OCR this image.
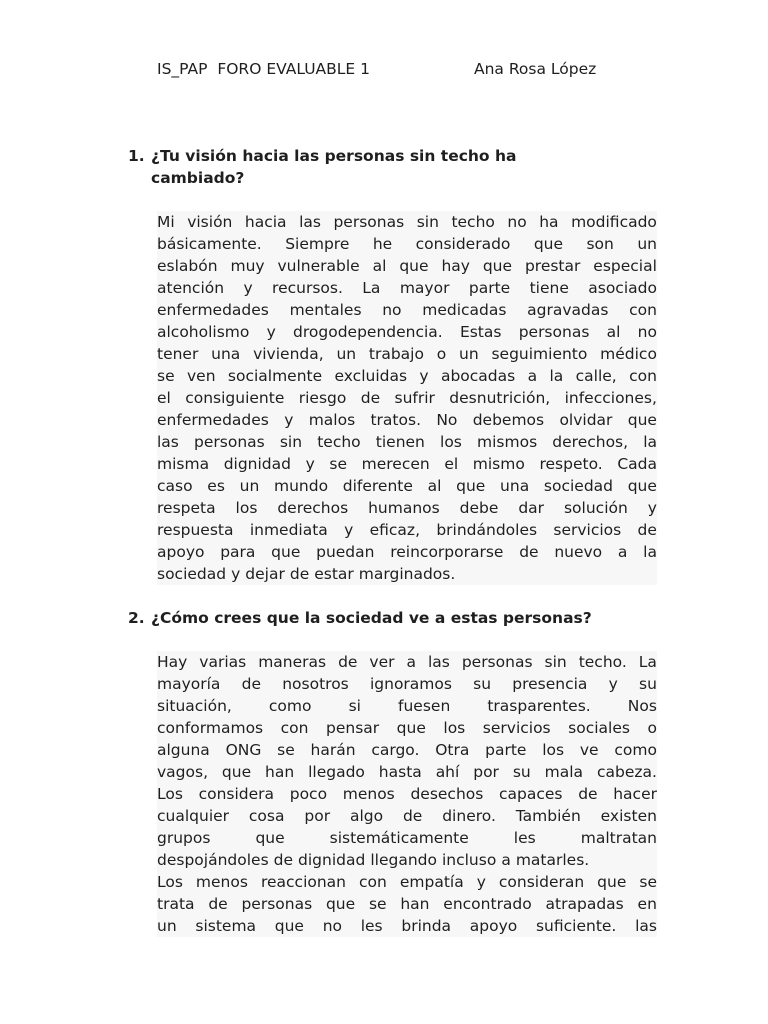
IS_PAP  FORO EVALUABLE 1	Ana Rosa López
1. ¿Tu visión hacia las personas sin techo ha
cambiado?
Mi visión hacia las personas sin techo no ha modificado
básicamente. Siempre he considerado que son un
eslabón muy vulnerable al que hay que prestar especial
atención y recursos. La mayor parte tiene asociado
enfermedades mentales no medicadas agravadas con
alcoholismo y drogodependencia. Estas personas al no
tener una vivienda, un trabajo o un seguimiento médico
se ven socialmente excluidas y abocadas a la calle, con
el consiguiente riesgo de sufrir desnutrición, infecciones,
enfermedades y malos tratos. No debemos olvidar que
las personas sin techo tienen los mismos derechos, la
misma dignidad y se merecen el mismo respeto. Cada
caso es un mundo diferente al que una sociedad que
respeta los derechos humanos debe dar solución y
respuesta inmediata y eficaz, brindándoles servicios de
apoyo para que puedan reincorporarse de nuevo a la
sociedad y dejar de estar marginados.
2. ¿Cómo crees que la sociedad ve a estas personas?
Hay varias maneras de ver a las personas sin techo. La
mayoría de nosotros ignoramos su presencia y su
situación, como si fuesen trasparentes. Nos
conformamos con pensar que los servicios sociales o
alguna ONG se harán cargo. Otra parte los ve como
vagos, que han llegado hasta ahí por su mala cabeza.
Los considera poco menos desechos capaces de hacer
cualquier cosa por algo de dinero. También existen
grupos	que	sistemáticamente	les	maltratan
despojándoles de dignidad llegando incluso a matarles.
Los menos reaccionan con empatía y consideran que se
trata de personas que se han encontrado atrapadas en
un sistema que no les brinda apoyo suficiente. las
